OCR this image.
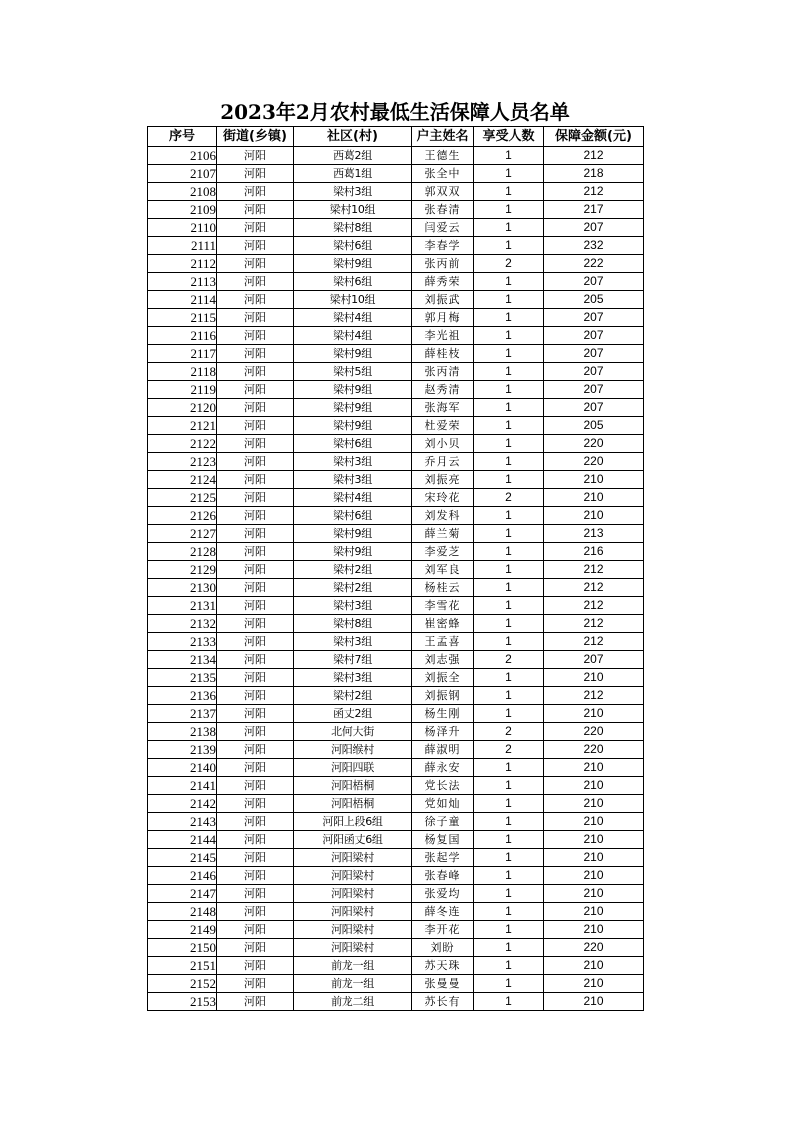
2023年2月农村最低生活保障人员名单
序号	街道(乡镇)	社区(村)	户主姓名	享受人数	保障金额(元)
2106	河阳	西葛2组	王德生	1	212
2107	河阳	西葛1组	张全中	1	218
2108	河阳	梁村3组	郭双双	1	212
2109	河阳	梁村10组	张春清	1	217
2110	河阳	梁村8组	闫爱云	1	207
2111	河阳	梁村6组	李春学	1	232
2112	河阳	梁村9组	张丙前	2	222
2113	河阳	梁村6组	薛秀荣	1	207
2114	河阳	梁村10组	刘振武	1	205
2115	河阳	梁村4组	郭月梅	1	207
2116	河阳	梁村4组	李光祖	1	207
2117	河阳	梁村9组	薛桂枝	1	207
2118	河阳	梁村5组	张丙清	1	207
2119	河阳	梁村9组	赵秀清	1	207
2120	河阳	梁村9组	张海军	1	207
2121	河阳	梁村9组	杜爱荣	1	205
2122	河阳	梁村6组	刘小贝	1	220
2123	河阳	梁村3组	乔月云	1	220
2124	河阳	梁村3组	刘振亮	1	210
2125	河阳	梁村4组	宋玲花	2	210
2126	河阳	梁村6组	刘发科	1	210
2127	河阳	梁村9组	薛兰菊	1	213
2128	河阳	梁村9组	李爱芝	1	216
2129	河阳	梁村2组	刘军良	1	212
2130	河阳	梁村2组	杨桂云	1	212
2131	河阳	梁村3组	李雪花	1	212
2132	河阳	梁村8组	崔密蜂	1	212
2133	河阳	梁村3组	王孟喜	1	212
2134	河阳	梁村7组	刘志强	2	207
2135	河阳	梁村3组	刘振全	1	210
2136	河阳	梁村2组	刘振钢	1	212
2137	河阳	函丈2组	杨生刚	1	210
2138	河阳	北何大街	杨泽升	2	220
2139	河阳	河阳缑村	薛淑明	2	220
2140	河阳	河阳四联	薛永安	1	210
2141	河阳	河阳梧桐	党长法	1	210
2142	河阳	河阳梧桐	党如灿	1	210
2143	河阳	河阳上段6组	徐子童	1	210
2144	河阳	河阳函丈6组	杨复国	1	210
2145	河阳	河阳梁村	张起学	1	210
2146	河阳	河阳梁村	张春峰	1	210
2147	河阳	河阳梁村	张爱均	1	210
2148	河阳	河阳梁村	薛冬连	1	210
2149	河阳	河阳梁村	李开花	1	210
2150	河阳	河阳梁村	刘盼	1	220
2151	河阳	前龙一组	苏天珠	1	210
2152	河阳	前龙一组	张曼曼	1	210
2153	河阳	前龙二组	苏长有	1	210
